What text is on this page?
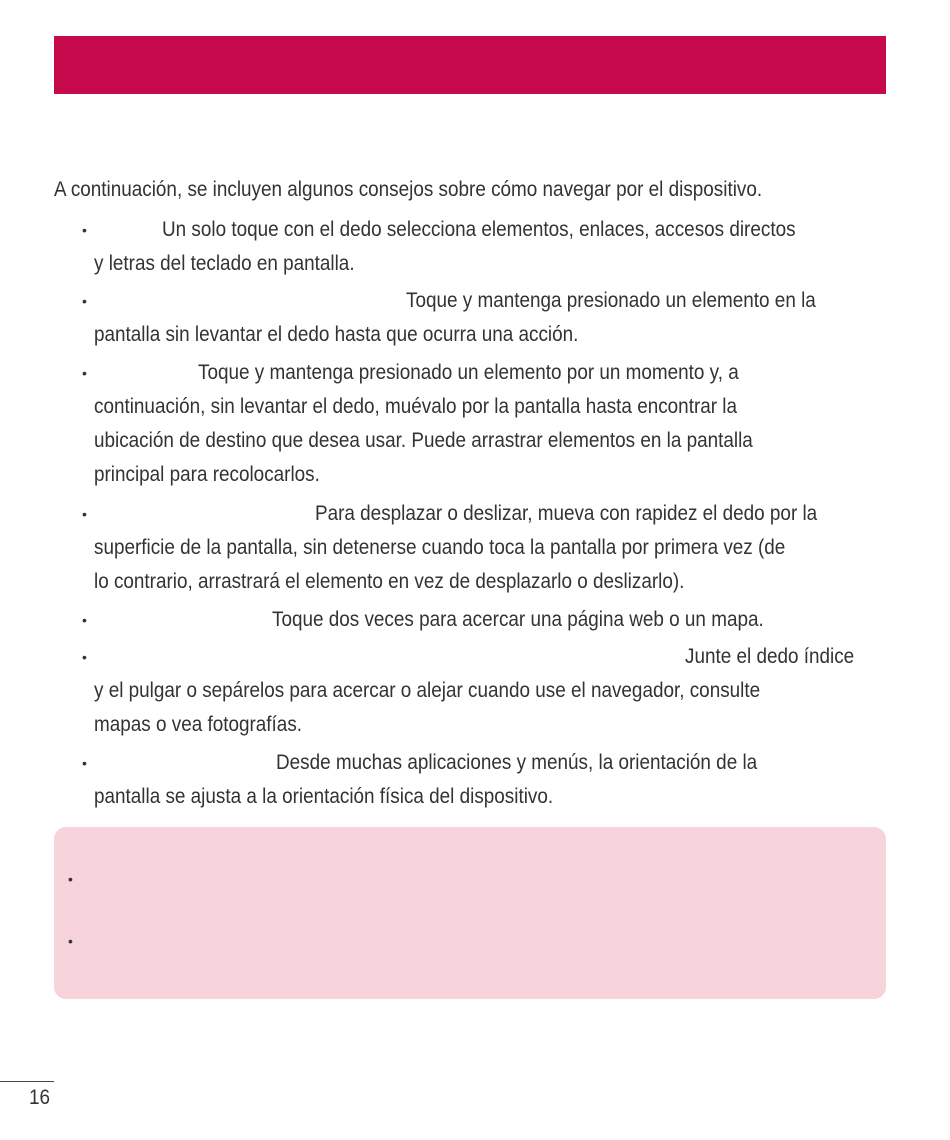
A continuación, se incluyen algunos consejos sobre cómo navegar por el dispositivo.
•	Un solo toque con el dedo selecciona elementos, enlaces, accesos directos
y letras del teclado en pantalla.
•	Toque y mantenga presionado un elemento en la
pantalla sin levantar el dedo hasta que ocurra una acción.
•	Toque y mantenga presionado un elemento por un momento y, a
continuación, sin levantar el dedo, muévalo por la pantalla hasta encontrar la
ubicación de destino que desea usar. Puede arrastrar elementos en la pantalla
principal para recolocarlos.
•	Para desplazar o deslizar, mueva con rapidez el dedo por la
superficie de la pantalla, sin detenerse cuando toca la pantalla por primera vez (de
lo contrario, arrastrará el elemento en vez de desplazarlo o deslizarlo).
•	Toque dos veces para acercar una página web o un mapa.
•	Junte el dedo índice
y el pulgar o sepárelos para acercar o alejar cuando use el navegador, consulte
mapas o vea fotografías.
•	Desde muchas aplicaciones y menús, la orientación de la
pantalla se ajusta a la orientación física del dispositivo.
•
•
16
